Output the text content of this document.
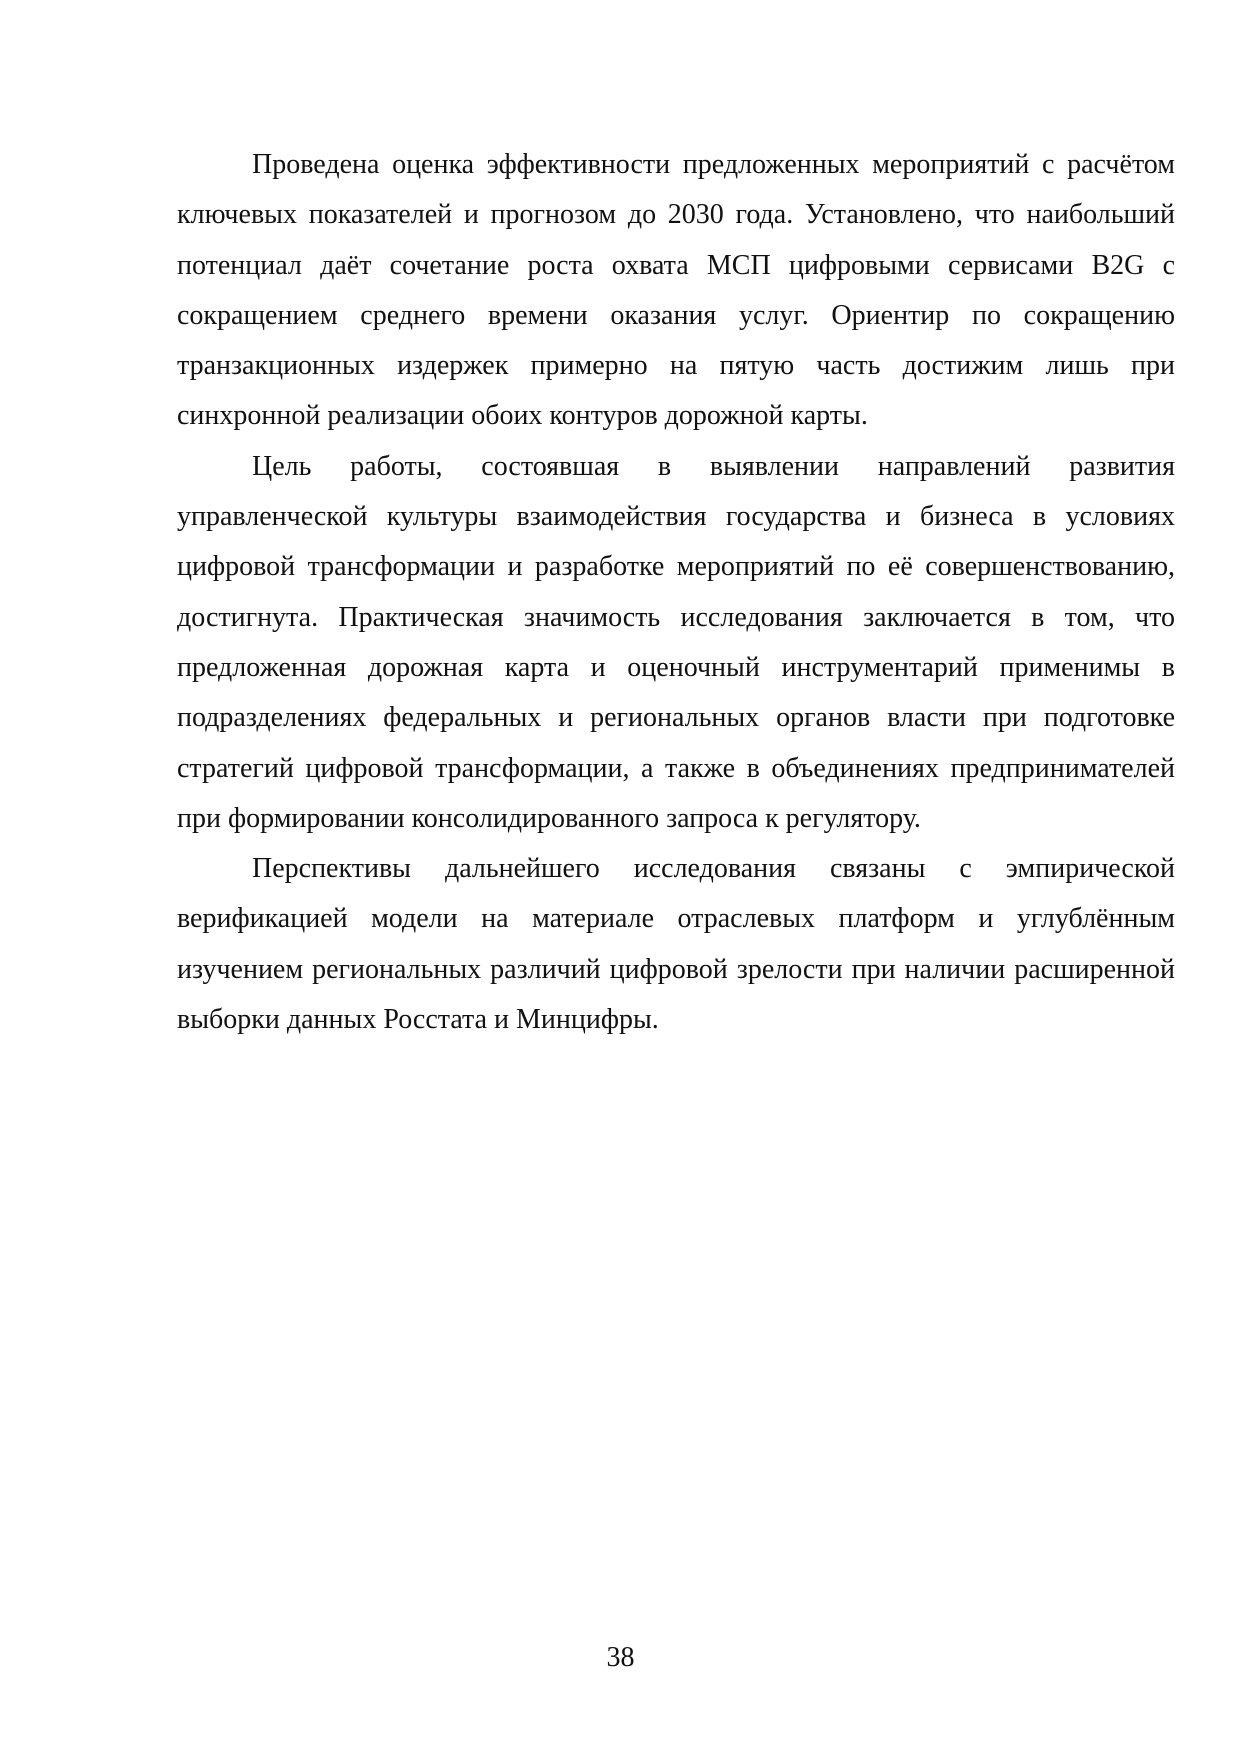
Проведена оценка эффективности предложенных мероприятий с расчётом ключевых показателей и прогнозом до 2030 года. Установлено, что наибольший потенциал даёт сочетание роста охвата МСП цифровыми сервисами B2G с сокращением среднего времени оказания услуг. Ориентир по сокращению транзакционных издержек примерно на пятую часть достижим лишь при синхронной реализации обоих контуров дорожной карты.

Цель работы, состоявшая в выявлении направлений развития управленческой культуры взаимодействия государства и бизнеса в условиях цифровой трансформации и разработке мероприятий по её совершенствованию, достигнута. Практическая значимость исследования заключается в том, что предложенная дорожная карта и оценочный инструментарий применимы в подразделениях федеральных и региональных органов власти при подготовке стратегий цифровой трансформации, а также в объединениях предпринимателей при формировании консолидированного запроса к регулятору.

Перспективы дальнейшего исследования связаны с эмпирической верификацией модели на материале отраслевых платформ и углублённым изучением региональных различий цифровой зрелости при наличии расширенной выборки данных Росстата и Минцифры.

38
